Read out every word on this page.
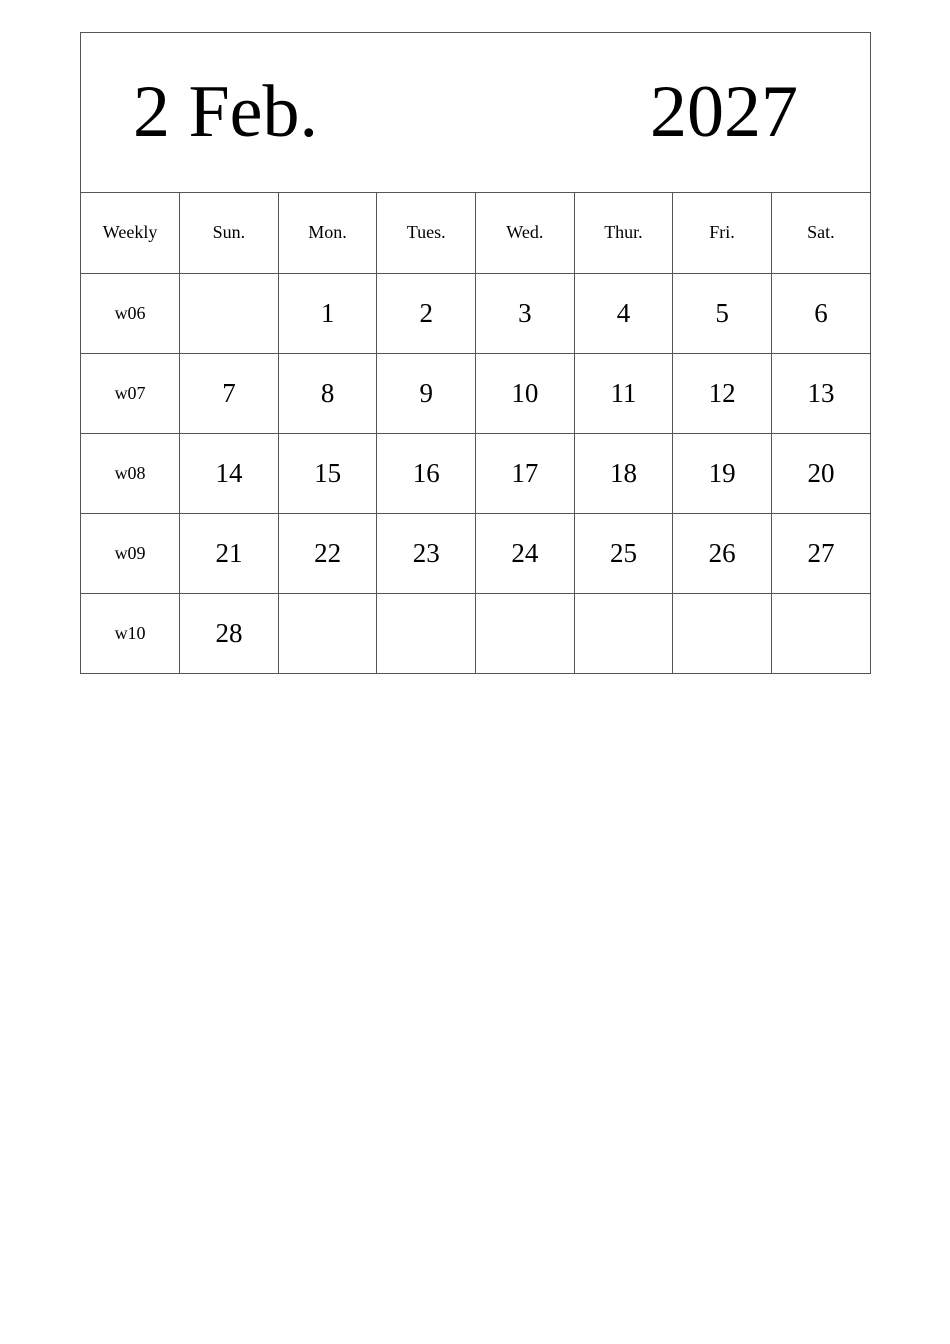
2 Feb.	2027
Weekly	Sun.	Mon.	Tues.	Wed.	Thur.	Fri.	Sat.
w06		1	2	3	4	5	6
w07	7	8	9	10	11	12	13
w08	14	15	16	17	18	19	20
w09	21	22	23	24	25	26	27
w10	28						
